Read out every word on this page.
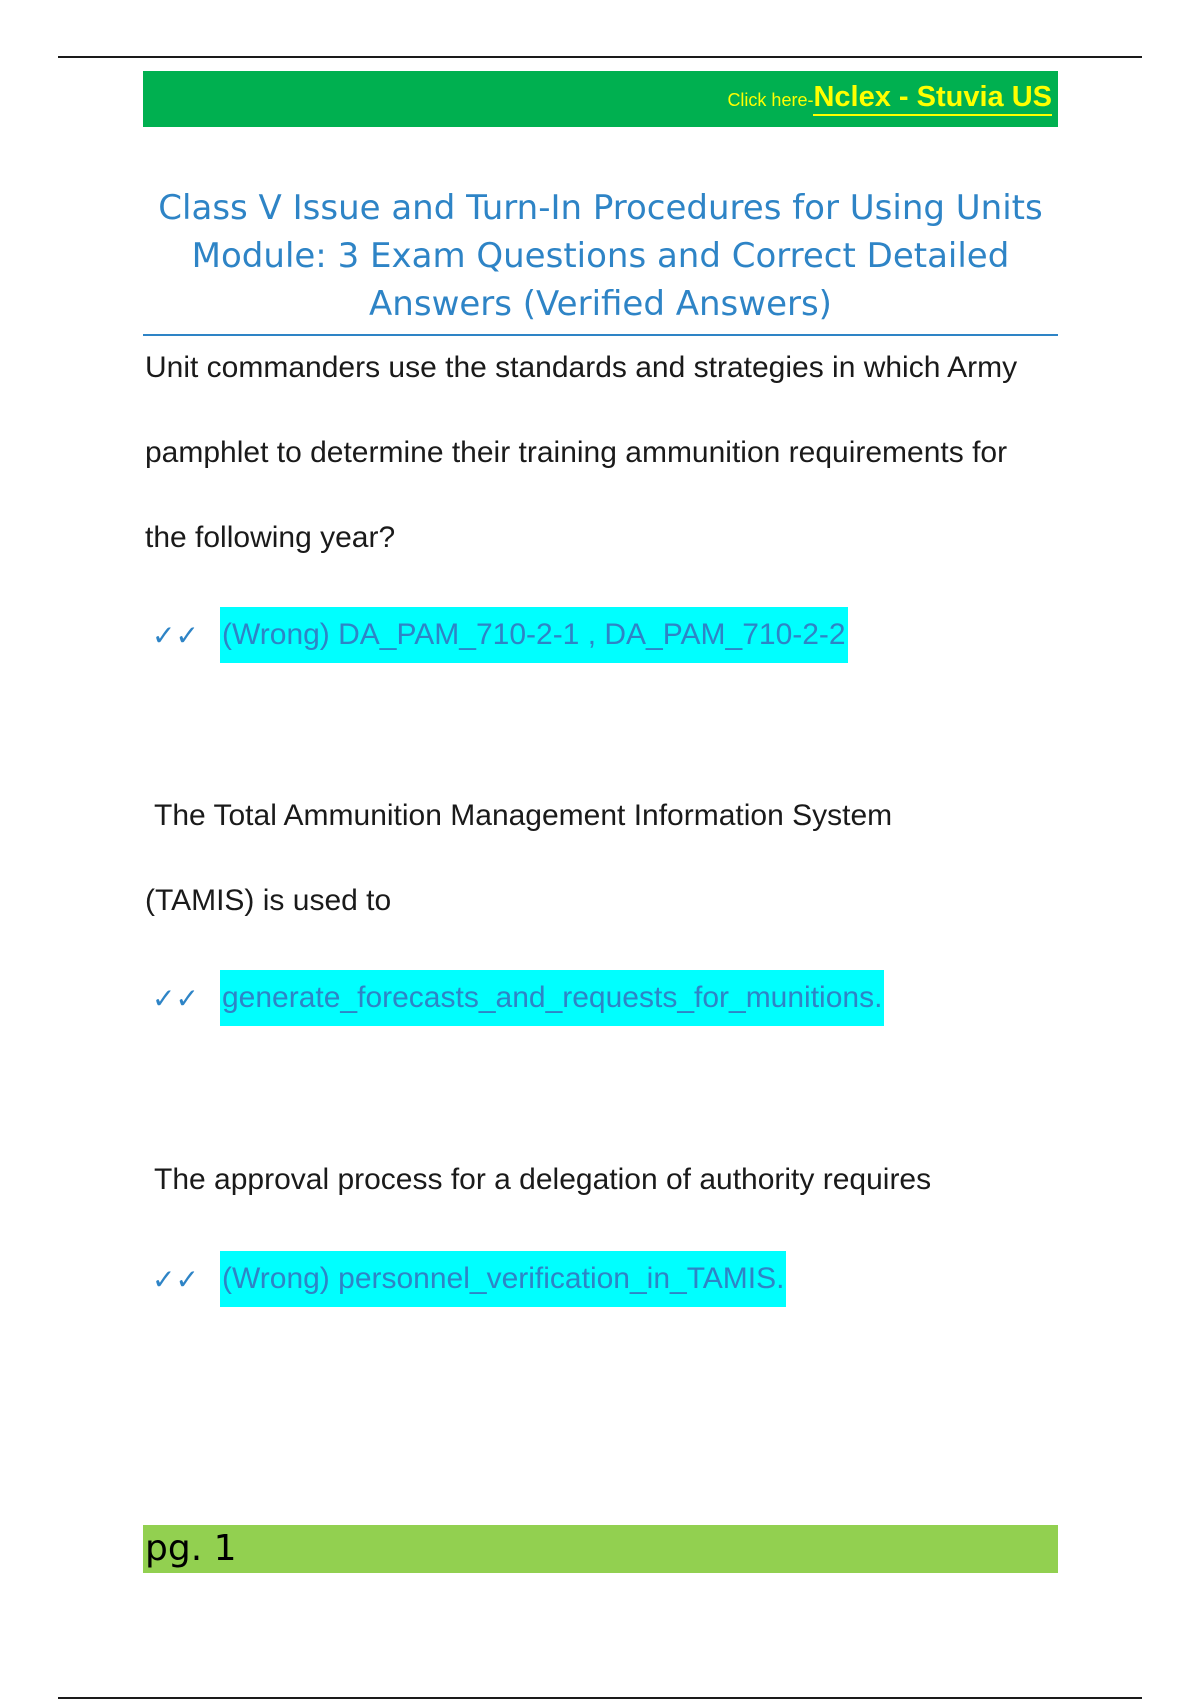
Click here-Nclex - Stuvia US
Class V Issue and Turn-In Procedures for Using Units
Module: 3 Exam Questions and Correct Detailed
Answers (Verified Answers)

Unit commanders use the standards and strategies in which Army pamphlet to determine their training ammunition requirements for the following year?

✓✓ (Wrong) DA_PAM_710-2-1 , DA_PAM_710-2-2

The Total Ammunition Management Information System

(TAMIS) is used to

✓✓ generate_forecasts_and_requests_for_munitions.

The approval process for a delegation of authority requires

✓✓ (Wrong) personnel_verification_in_TAMIS.
pg. 1
